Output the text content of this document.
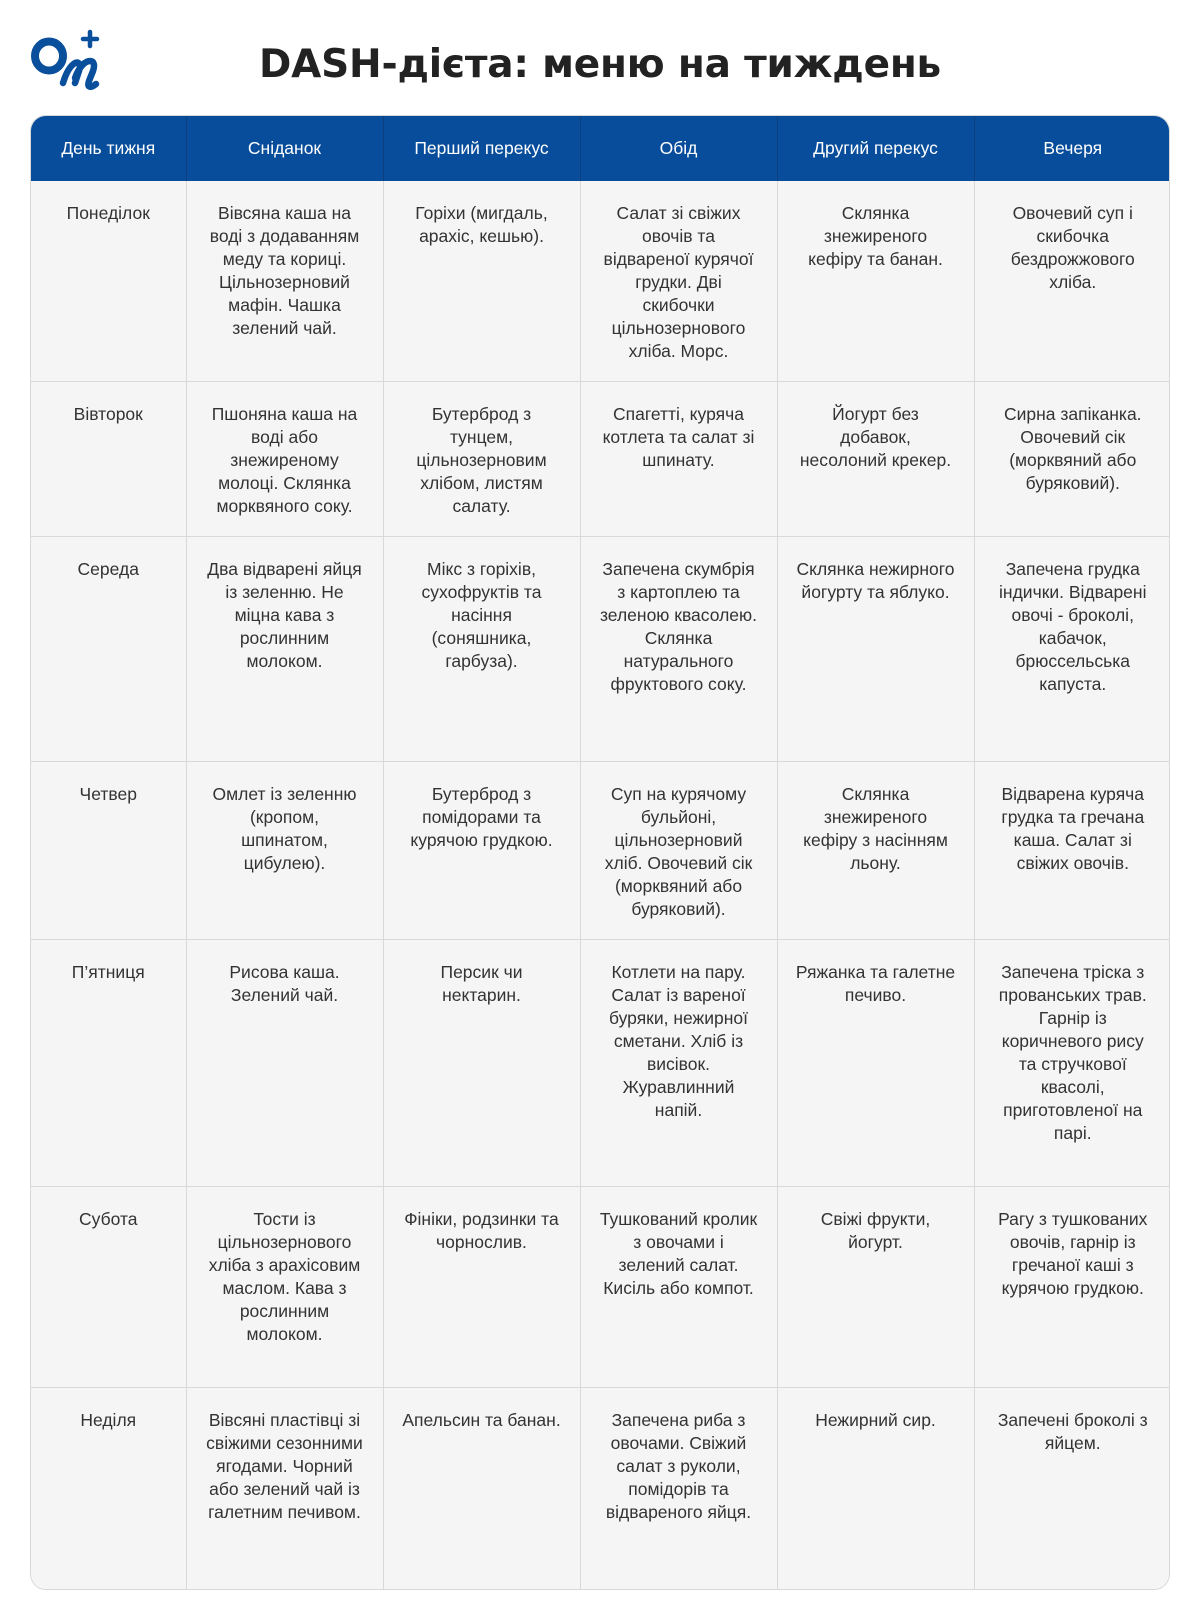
DASH-дієта: меню на тиждень
День тижня	Сніданок	Перший перекус	Обід	Другий перекус	Вечеря
Понеділок	Вівсяна каша на воді з додаванням меду та кориці. Цільнозерновий мафін. Чашка зелений чай.	Горіхи (мигдаль, арахіс, кешью).	Салат зі свіжих овочів та відвареної курячої грудки. Дві скибочки цільнозернового хліба. Морс.	Склянка знежиреного кефіру та банан.	Овочевий суп і скибочка бездрожжового хліба.
Вівторок	Пшоняна каша на воді або знежиреному молоці. Склянка морквяного соку.	Бутерброд з тунцем, цільнозерновим хлібом, листям салату.	Спагетті, куряча котлета та салат зі шпинату.	Йогурт без добавок, несолоний крекер.	Сирна запіканка. Овочевий сік (морквяний або буряковий).
Середа	Два відварені яйця із зеленню. Не міцна кава з рослинним молоком.	Мікс з горіхів, сухофруктів та насіння (соняшника, гарбуза).	Запечена скумбрія з картоплею та зеленою квасолею. Склянка натурального фруктового соку.	Склянка нежирного йогурту та яблуко.	Запечена грудка індички. Відварені овочі - броколі, кабачок, брюссельська капуста.
Четвер	Омлет із зеленню (кропом, шпинатом, цибулею).	Бутерброд з помідорами та курячою грудкою.	Суп на курячому бульйоні, цільнозерновий хліб. Овочевий сік (морквяний або буряковий).	Склянка знежиреного кефіру з насінням льону.	Відварена куряча грудка та гречана каша. Салат зі свіжих овочів.
П’ятниця	Рисова каша. Зелений чай.	Персик чи нектарин.	Котлети на пару. Салат із вареної буряки, нежирної сметани. Хліб із висівок. Журавлинний напій.	Ряжанка та галетне печиво.	Запечена тріска з прованських трав. Гарнір із коричневого рису та стручкової квасолі, приготовленої на парі.
Субота	Тости із цільнозернового хліба з арахісовим маслом. Кава з рослинним молоком.	Фініки, родзинки та чорнослив.	Тушкований кролик з овочами і зелений салат. Кисіль або компот.	Свіжі фрукти, йогурт.	Рагу з тушкованих овочів, гарнір із гречаної каші з курячою грудкою.
Неділя	Вівсяні пластівці зі свіжими сезонними ягодами. Чорний або зелений чай із галетним печивом.	Апельсин та банан.	Запечена риба з овочами. Свіжий салат з руколи, помідорів та відвареного яйця.	Нежирний сир.	Запечені броколі з яйцем.
